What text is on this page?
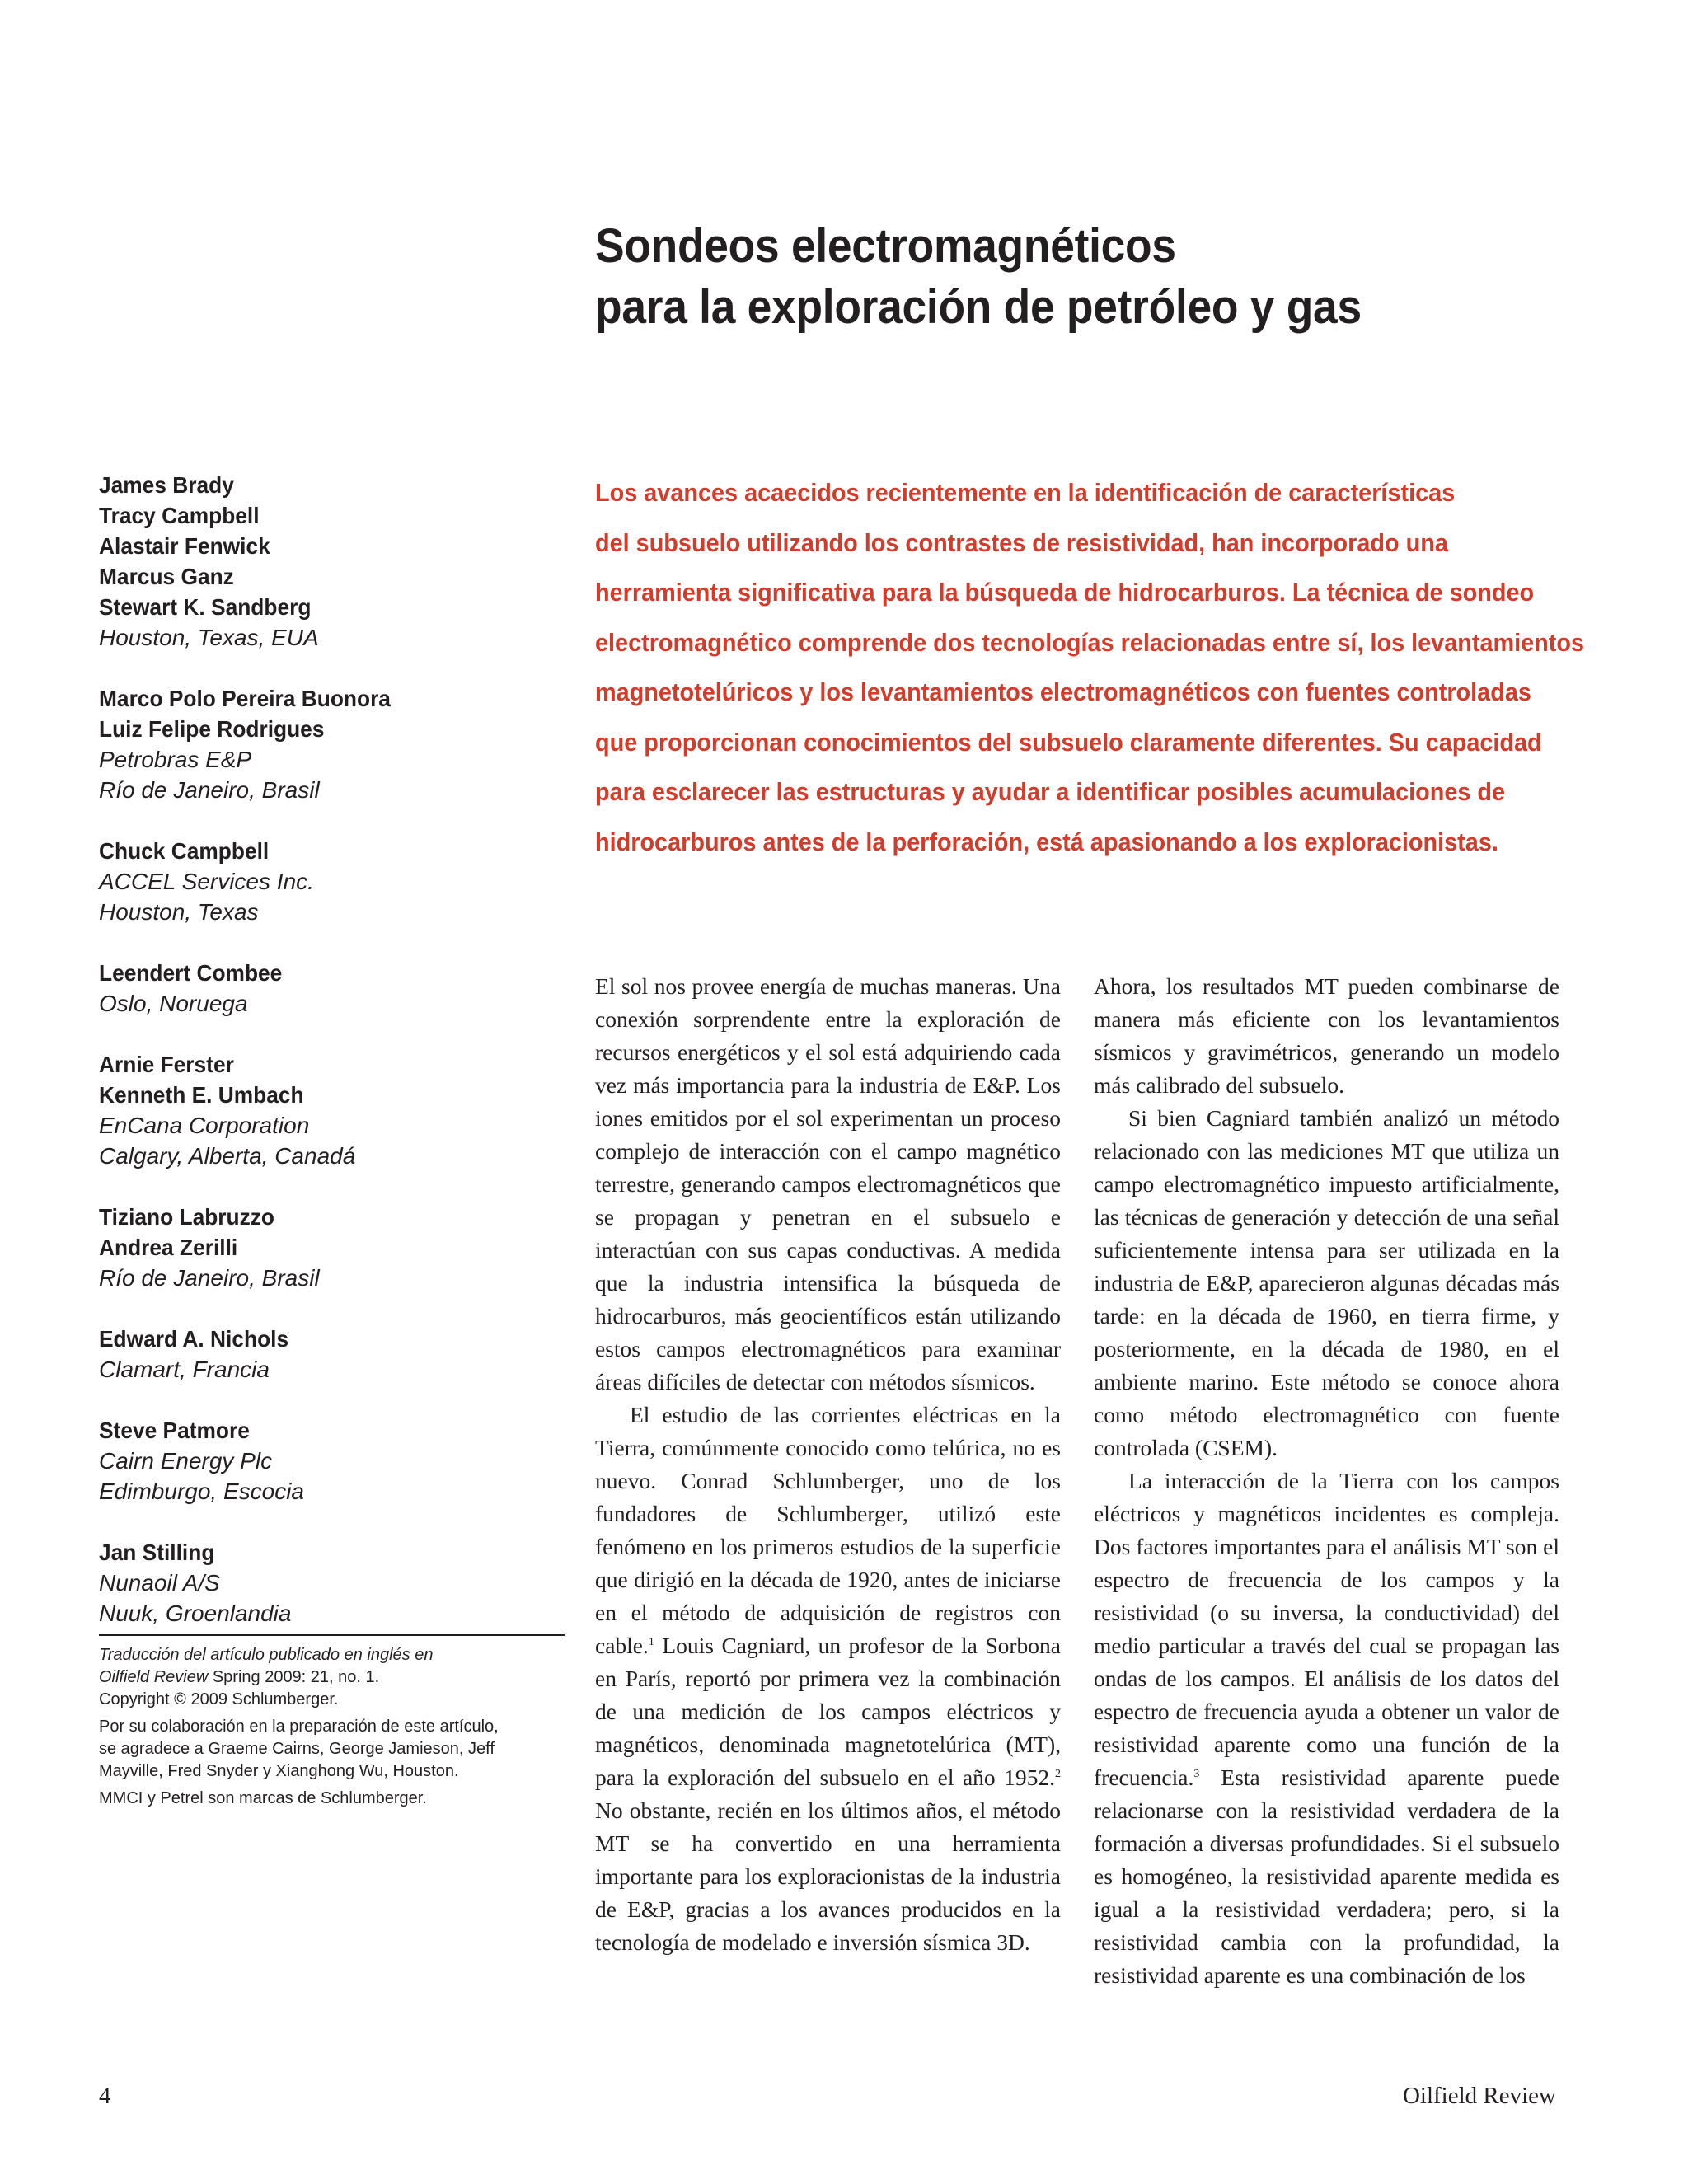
Sondeos electromagnéticos
para la exploración de petróleo y gas
James Brady
Tracy Campbell
Alastair Fenwick
Marcus Ganz
Stewart K. Sandberg
Houston, Texas, EUA
Marco Polo Pereira Buonora
Luiz Felipe Rodrigues
Petrobras E&P
Río de Janeiro, Brasil
Chuck Campbell
ACCEL Services Inc.
Houston, Texas
Leendert Combee
Oslo, Noruega
Arnie Ferster
Kenneth E. Umbach
EnCana Corporation
Calgary, Alberta, Canadá
Tiziano Labruzzo
Andrea Zerilli
Río de Janeiro, Brasil
Edward A. Nichols
Clamart, Francia
Steve Patmore
Cairn Energy Plc
Edimburgo, Escocia
Jan Stilling
Nunaoil A/S
Nuuk, Groenlandia

Traducción del artículo publicado en inglés en
Oilfield Review Spring 2009: 21, no. 1.
Copyright © 2009 Schlumberger.

Por su colaboración en la preparación de este artículo,
se agradece a Graeme Cairns, George Jamieson, Jeff
Mayville, Fred Snyder y Xianghong Wu, Houston.

MMCI y Petrel son marcas de Schlumberger.

Los avances acaecidos recientemente en la identificación de características
del subsuelo utilizando los contrastes de resistividad, han incorporado una
herramienta significativa para la búsqueda de hidrocarburos. La técnica de sondeo
electromagnético comprende dos tecnologías relacionadas entre sí, los levantamientos
magnetotelúricos y los levantamientos electromagnéticos con fuentes controladas
que proporcionan conocimientos del subsuelo claramente diferentes. Su capacidad
para esclarecer las estructuras y ayudar a identificar posibles acumulaciones de
hidrocarburos antes de la perforación, está apasionando a los exploracionistas.

El sol nos provee energía de muchas maneras. Una conexión sorprendente entre la exploración de recursos energéticos y el sol está adquiriendo cada vez más importancia para la industria de E&P. Los iones emitidos por el sol experimentan un proceso complejo de interacción con el campo magnético terrestre, generando campos electromagnéticos que se propagan y penetran en el subsuelo e interactúan con sus capas conductivas. A medida que la industria intensifica la búsqueda de hidrocarburos, más geocientíficos están utilizando estos campos electromagnéticos para examinar áreas difíciles de detectar con métodos sísmicos.

El estudio de las corrientes eléctricas en la Tierra, comúnmente conocido como telúrica, no es nuevo. Conrad Schlumberger, uno de los fundadores de Schlumberger, utilizó este fenómeno en los primeros estudios de la superficie que dirigió en la década de 1920, antes de iniciarse en el método de adquisición de registros con cable.$^1$ Louis Cagniard, un profesor de la Sorbona en París, reportó por primera vez la combinación de una medición de los campos eléctricos y magnéticos, denominada magnetotelúrica (MT), para la exploración del subsuelo en el año 1952.$^2$ No obstante, recién en los últimos años, el método MT se ha convertido en una herramienta importante para los exploracionistas de la industria de E&P, gracias a los avances producidos en la tecnología de modelado e inversión sísmica 3D.

Ahora, los resultados MT pueden combinarse de manera más eficiente con los levantamientos sísmicos y gravimétricos, generando un modelo más calibrado del subsuelo.

Si bien Cagniard también analizó un método relacionado con las mediciones MT que utiliza un campo electromagnético impuesto artificialmente, las técnicas de generación y detección de una señal suficientemente intensa para ser utilizada en la industria de E&P, aparecieron algunas décadas más tarde: en la década de 1960, en tierra firme, y posteriormente, en la década de 1980, en el ambiente marino. Este método se conoce ahora como método electromagnético con fuente controlada (CSEM).

La interacción de la Tierra con los campos eléctricos y magnéticos incidentes es compleja. Dos factores importantes para el análisis MT son el espectro de frecuencia de los campos y la resistividad (o su inversa, la conductividad) del medio particular a través del cual se propagan las ondas de los campos. El análisis de los datos del espectro de frecuencia ayuda a obtener un valor de resistividad aparente como una función de la frecuencia.$^3$ Esta resistividad aparente puede relacionarse con la resistividad verdadera de la formación a diversas profundidades. Si el subsuelo es homogéneo, la resistividad aparente medida es igual a la resistividad verdadera; pero, si la resistividad cambia con la profundidad, la resistividad aparente es una combinación de los

4	Oilfield Review
